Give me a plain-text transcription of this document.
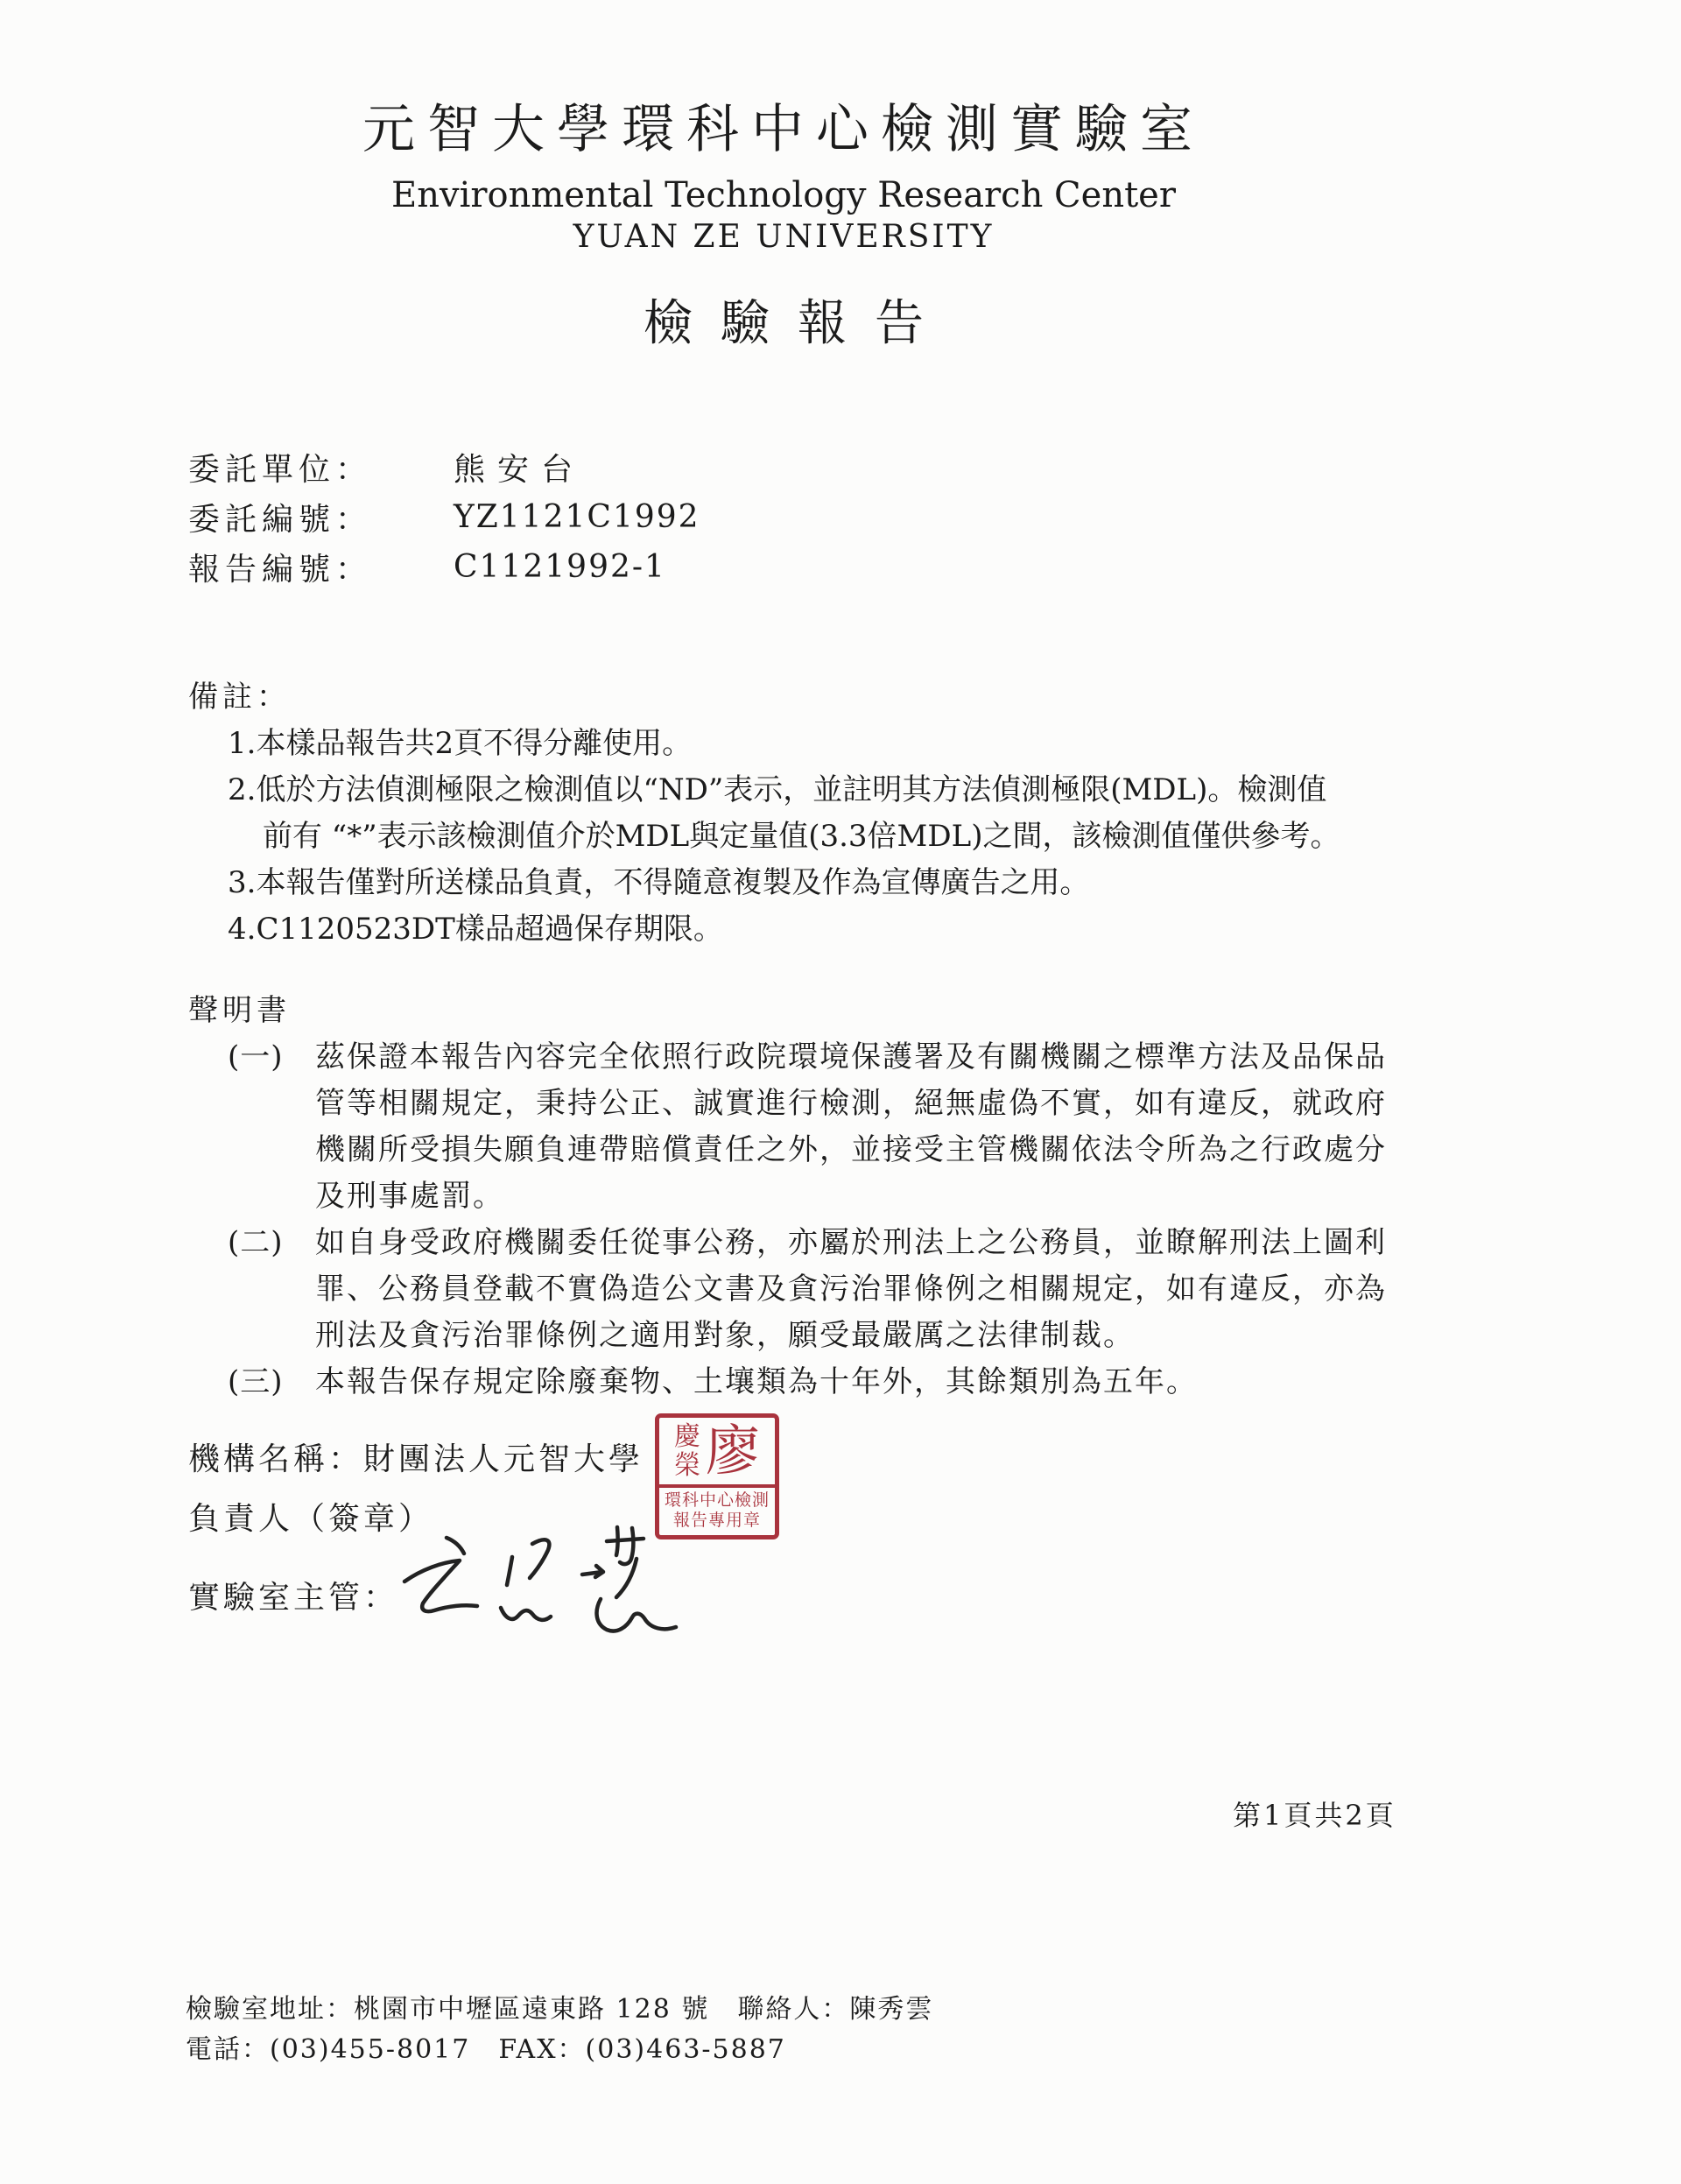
元智大學環科中心檢測實驗室
Environmental Technology Research Center
YUAN ZE UNIVERSITY
檢驗報告
委託單位：	熊安台
委託編號：	YZ1121C1992
報告編號：	C1121992-1
備註：
1.本樣品報告共2頁不得分離使用。
2.低於方法偵測極限之檢測值以“ND”表示，並註明其方法偵測極限(MDL)。檢測值
前有 “*”表示該檢測值介於MDL與定量值(3.3倍MDL)之間，該檢測值僅供參考。
3.本報告僅對所送樣品負責，不得隨意複製及作為宣傳廣告之用。
4.C1120523DT樣品超過保存期限。
聲明書
(一) 茲保證本報告內容完全依照行政院環境保護署及有關機關之標準方法及品保品
管等相關規定，秉持公正、誠實進行檢測，絕無虛偽不實，如有違反，就政府
機關所受損失願負連帶賠償責任之外，並接受主管機關依法令所為之行政處分
及刑事處罰。
(二) 如自身受政府機關委任從事公務，亦屬於刑法上之公務員，並瞭解刑法上圖利
罪、公務員登載不實偽造公文書及貪污治罪條例之相關規定，如有違反，亦為
刑法及貪污治罪條例之適用對象，願受最嚴厲之法律制裁。
(三) 本報告保存規定除廢棄物、土壤類為十年外，其餘類別為五年。
機構名稱：財團法人元智大學
負責人（簽章）
實驗室主管：
慶
榮 廖
環科中心檢測
報告專用章
第1頁共2頁
檢驗室地址：桃園市中壢區遠東路 128 號　聯絡人：陳秀雲
電話：(03)455-8017　FAX：(03)463-5887
